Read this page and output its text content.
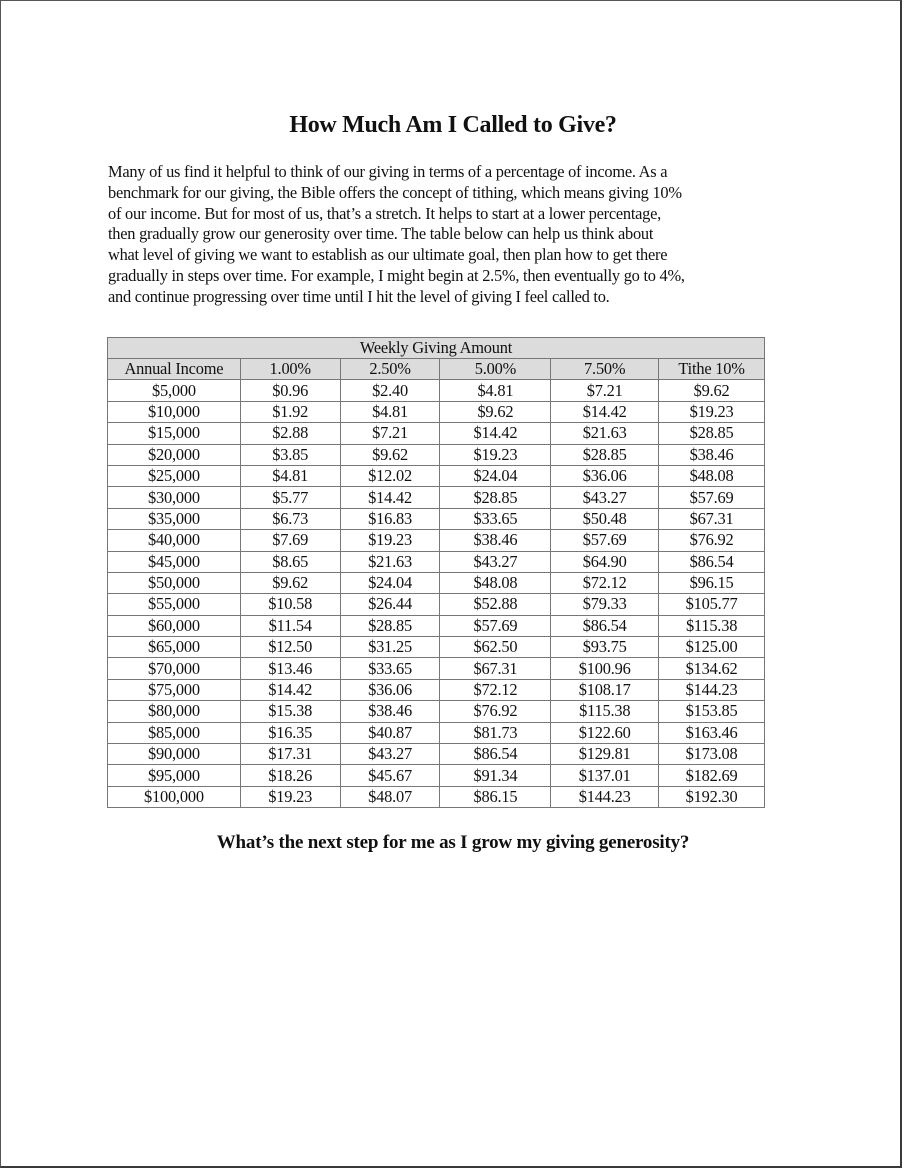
How Much Am I Called to Give?

Many of us find it helpful to think of our giving in terms of a percentage of income. As a
benchmark for our giving, the Bible offers the concept of tithing, which means giving 10%
of our income. But for most of us, that’s a stretch. It helps to start at a lower percentage,
then gradually grow our generosity over time. The table below can help us think about
what level of giving we want to establish as our ultimate goal, then plan how to get there
gradually in steps over time. For example, I might begin at 2.5%, then eventually go to 4%,
and continue progressing over time until I hit the level of giving I feel called to.

Weekly Giving Amount					
Annual Income	1.00%	2.50%	5.00%	7.50%	Tithe 10%
$5,000	$0.96	$2.40	$4.81	$7.21	$9.62
$10,000	$1.92	$4.81	$9.62	$14.42	$19.23
$15,000	$2.88	$7.21	$14.42	$21.63	$28.85
$20,000	$3.85	$9.62	$19.23	$28.85	$38.46
$25,000	$4.81	$12.02	$24.04	$36.06	$48.08
$30,000	$5.77	$14.42	$28.85	$43.27	$57.69
$35,000	$6.73	$16.83	$33.65	$50.48	$67.31
$40,000	$7.69	$19.23	$38.46	$57.69	$76.92
$45,000	$8.65	$21.63	$43.27	$64.90	$86.54
$50,000	$9.62	$24.04	$48.08	$72.12	$96.15
$55,000	$10.58	$26.44	$52.88	$79.33	$105.77
$60,000	$11.54	$28.85	$57.69	$86.54	$115.38
$65,000	$12.50	$31.25	$62.50	$93.75	$125.00
$70,000	$13.46	$33.65	$67.31	$100.96	$134.62
$75,000	$14.42	$36.06	$72.12	$108.17	$144.23
$80,000	$15.38	$38.46	$76.92	$115.38	$153.85
$85,000	$16.35	$40.87	$81.73	$122.60	$163.46
$90,000	$17.31	$43.27	$86.54	$129.81	$173.08
$95,000	$18.26	$45.67	$91.34	$137.01	$182.69
$100,000	$19.23	$48.07	$86.15	$144.23	$192.30
What’s the next step for me as I grow my giving generosity?
